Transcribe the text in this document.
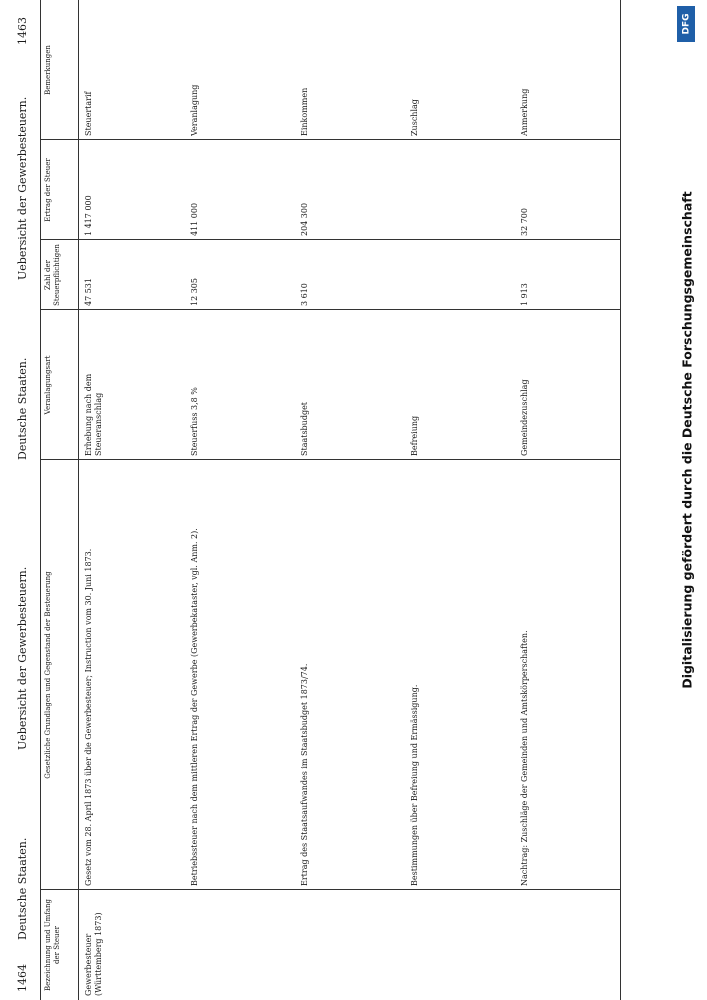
1464
Deutsche Staaten.
Uebersicht der Gewerbesteuern.
Deutsche Staaten.
Uebersicht der Gewerbesteuern.
1463
Bezeichnung und Umfang der Steuer
Gesetzliche Grundlagen und Gegenstand der Besteuerung
Veranlagungsart
Zahl der Steuerpflichtigen
Ertrag der Steuer
Bemerkungen
Gewerbesteuer
(Württemberg 1873)
Gesetz vom 28. April 1873 über die Gewerbesteuer; Instruction vom 30. Juni 1873.
Erhebung nach dem Steueranschlag
47 531
1 417 000
Steuertarif
Betriebssteuer nach dem mittleren Ertrag der Gewerbe (Gewerbekataster, vgl. Anm. 2).
Steuerfuss 3,8 %
12 305
411 000
Veranlagung
Ertrag des Staatsaufwandes im Staatsbudget 1873/74.
Staatsbudget
3 610
204 300
Einkommen
Bestimmungen über Befreiung und Ermässigung.
Befreiung
Zuschlag
Nachtrag: Zuschläge der Gemeinden und Amtskörperschaften.
Gemeindezuschlag
1 913
32 700
Anmerkung
DFG
Digitalisierung gefördert durch die Deutsche Forschungsgemeinschaft
